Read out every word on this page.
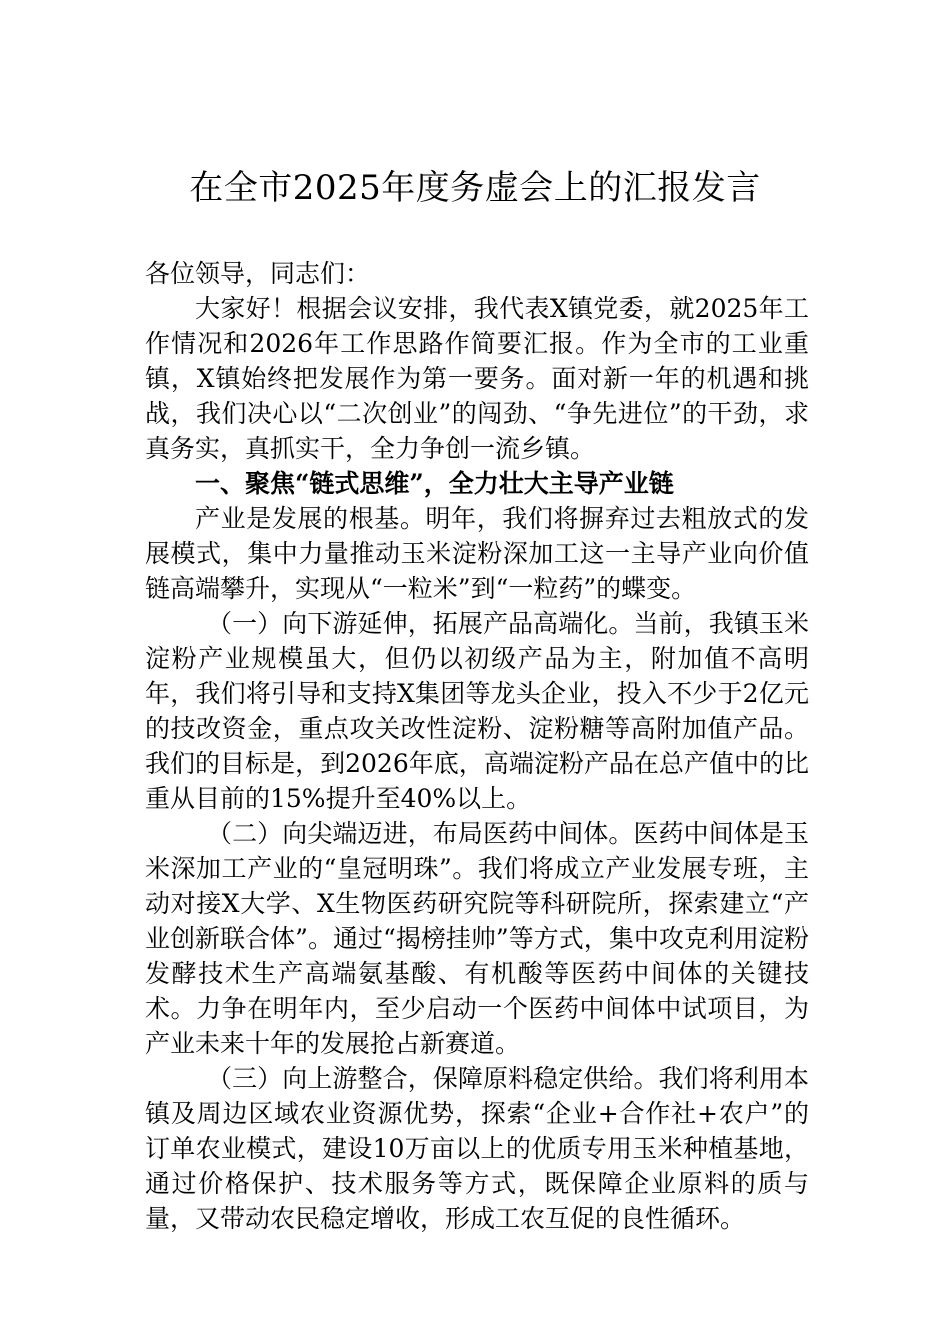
在全市2025年度务虚会上的汇报发言

各位领导，同志们：

大家好！根据会议安排，我代表X镇党委，就2025年工作情况和2026年工作思路作简要汇报。作为全市的工业重镇，X镇始终把发展作为第一要务。面对新一年的机遇和挑战，我们决心以“二次创业”的闯劲、“争先进位”的干劲，求真务实，真抓实干，全力争创一流乡镇。

一、聚焦“链式思维”，全力壮大主导产业链

产业是发展的根基。明年，我们将摒弃过去粗放式的发展模式，集中力量推动玉米淀粉深加工这一主导产业向价值链高端攀升，实现从“一粒米”到“一粒药”的蝶变。

（一）向下游延伸，拓展产品高端化。当前，我镇玉米淀粉产业规模虽大，但仍以初级产品为主，附加值不高明年，我们将引导和支持X集团等龙头企业，投入不少于2亿元的技改资金，重点攻关改性淀粉、淀粉糖等高附加值产品。我们的目标是，到2026年底，高端淀粉产品在总产值中的比重从目前的15%提升至40%以上。

（二）向尖端迈进，布局医药中间体。医药中间体是玉米深加工产业的“皇冠明珠”。我们将成立产业发展专班，主动对接X大学、X生物医药研究院等科研院所，探索建立“产业创新联合体”。通过“揭榜挂帅”等方式，集中攻克利用淀粉发酵技术生产高端氨基酸、有机酸等医药中间体的关键技术。力争在明年内，至少启动一个医药中间体中试项目，为产业未来十年的发展抢占新赛道。

（三）向上游整合，保障原料稳定供给。我们将利用本镇及周边区域农业资源优势，探索“企业+合作社+农户”的订单农业模式，建设10万亩以上的优质专用玉米种植基地，通过价格保护、技术服务等方式，既保障企业原料的质与量，又带动农民稳定增收，形成工农互促的良性循环。
